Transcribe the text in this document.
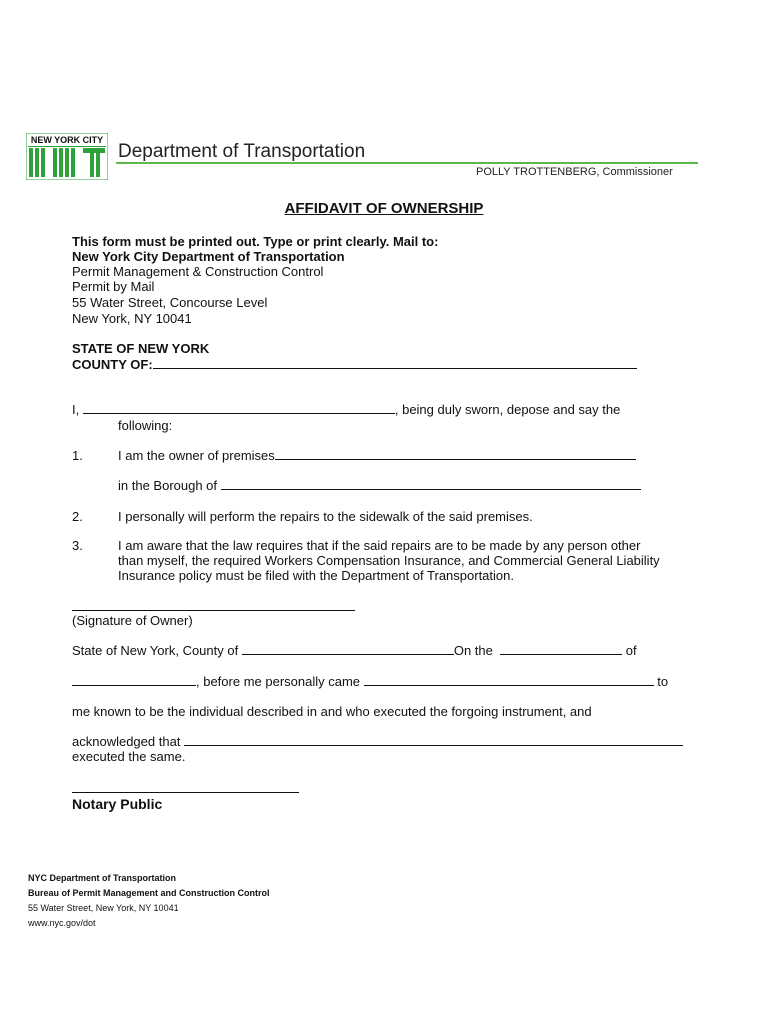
NEW YORK CITY
Department of Transportation
POLLY TROTTENBERG, Commissioner
AFFIDAVIT OF OWNERSHIP
This form must be printed out. Type or print clearly. Mail to:
New York City Department of Transportation
Permit Management & Construction Control
Permit by Mail
55 Water Street, Concourse Level
New York, NY 10041
STATE OF NEW YORK
COUNTY OF:
I,	, being duly sworn, depose and say the
following:
1.	I am the owner of premises
in the Borough of
2.	I personally will perform the repairs to the sidewalk of the said premises.
3.	I am aware that the law requires that if the said repairs are to be made by any person other
than myself, the required Workers Compensation Insurance, and Commercial General Liability
Insurance policy must be filed with the Department of Transportation.
(Signature of Owner)
State of New York, County of	On the	of
, before me personally came	to
me known to be the individual described in and who executed the forgoing instrument, and
acknowledged that
executed the same.
Notary Public
NYC Department of Transportation
Bureau of Permit Management and Construction Control
55 Water Street, New York, NY 10041
www.nyc.gov/dot
